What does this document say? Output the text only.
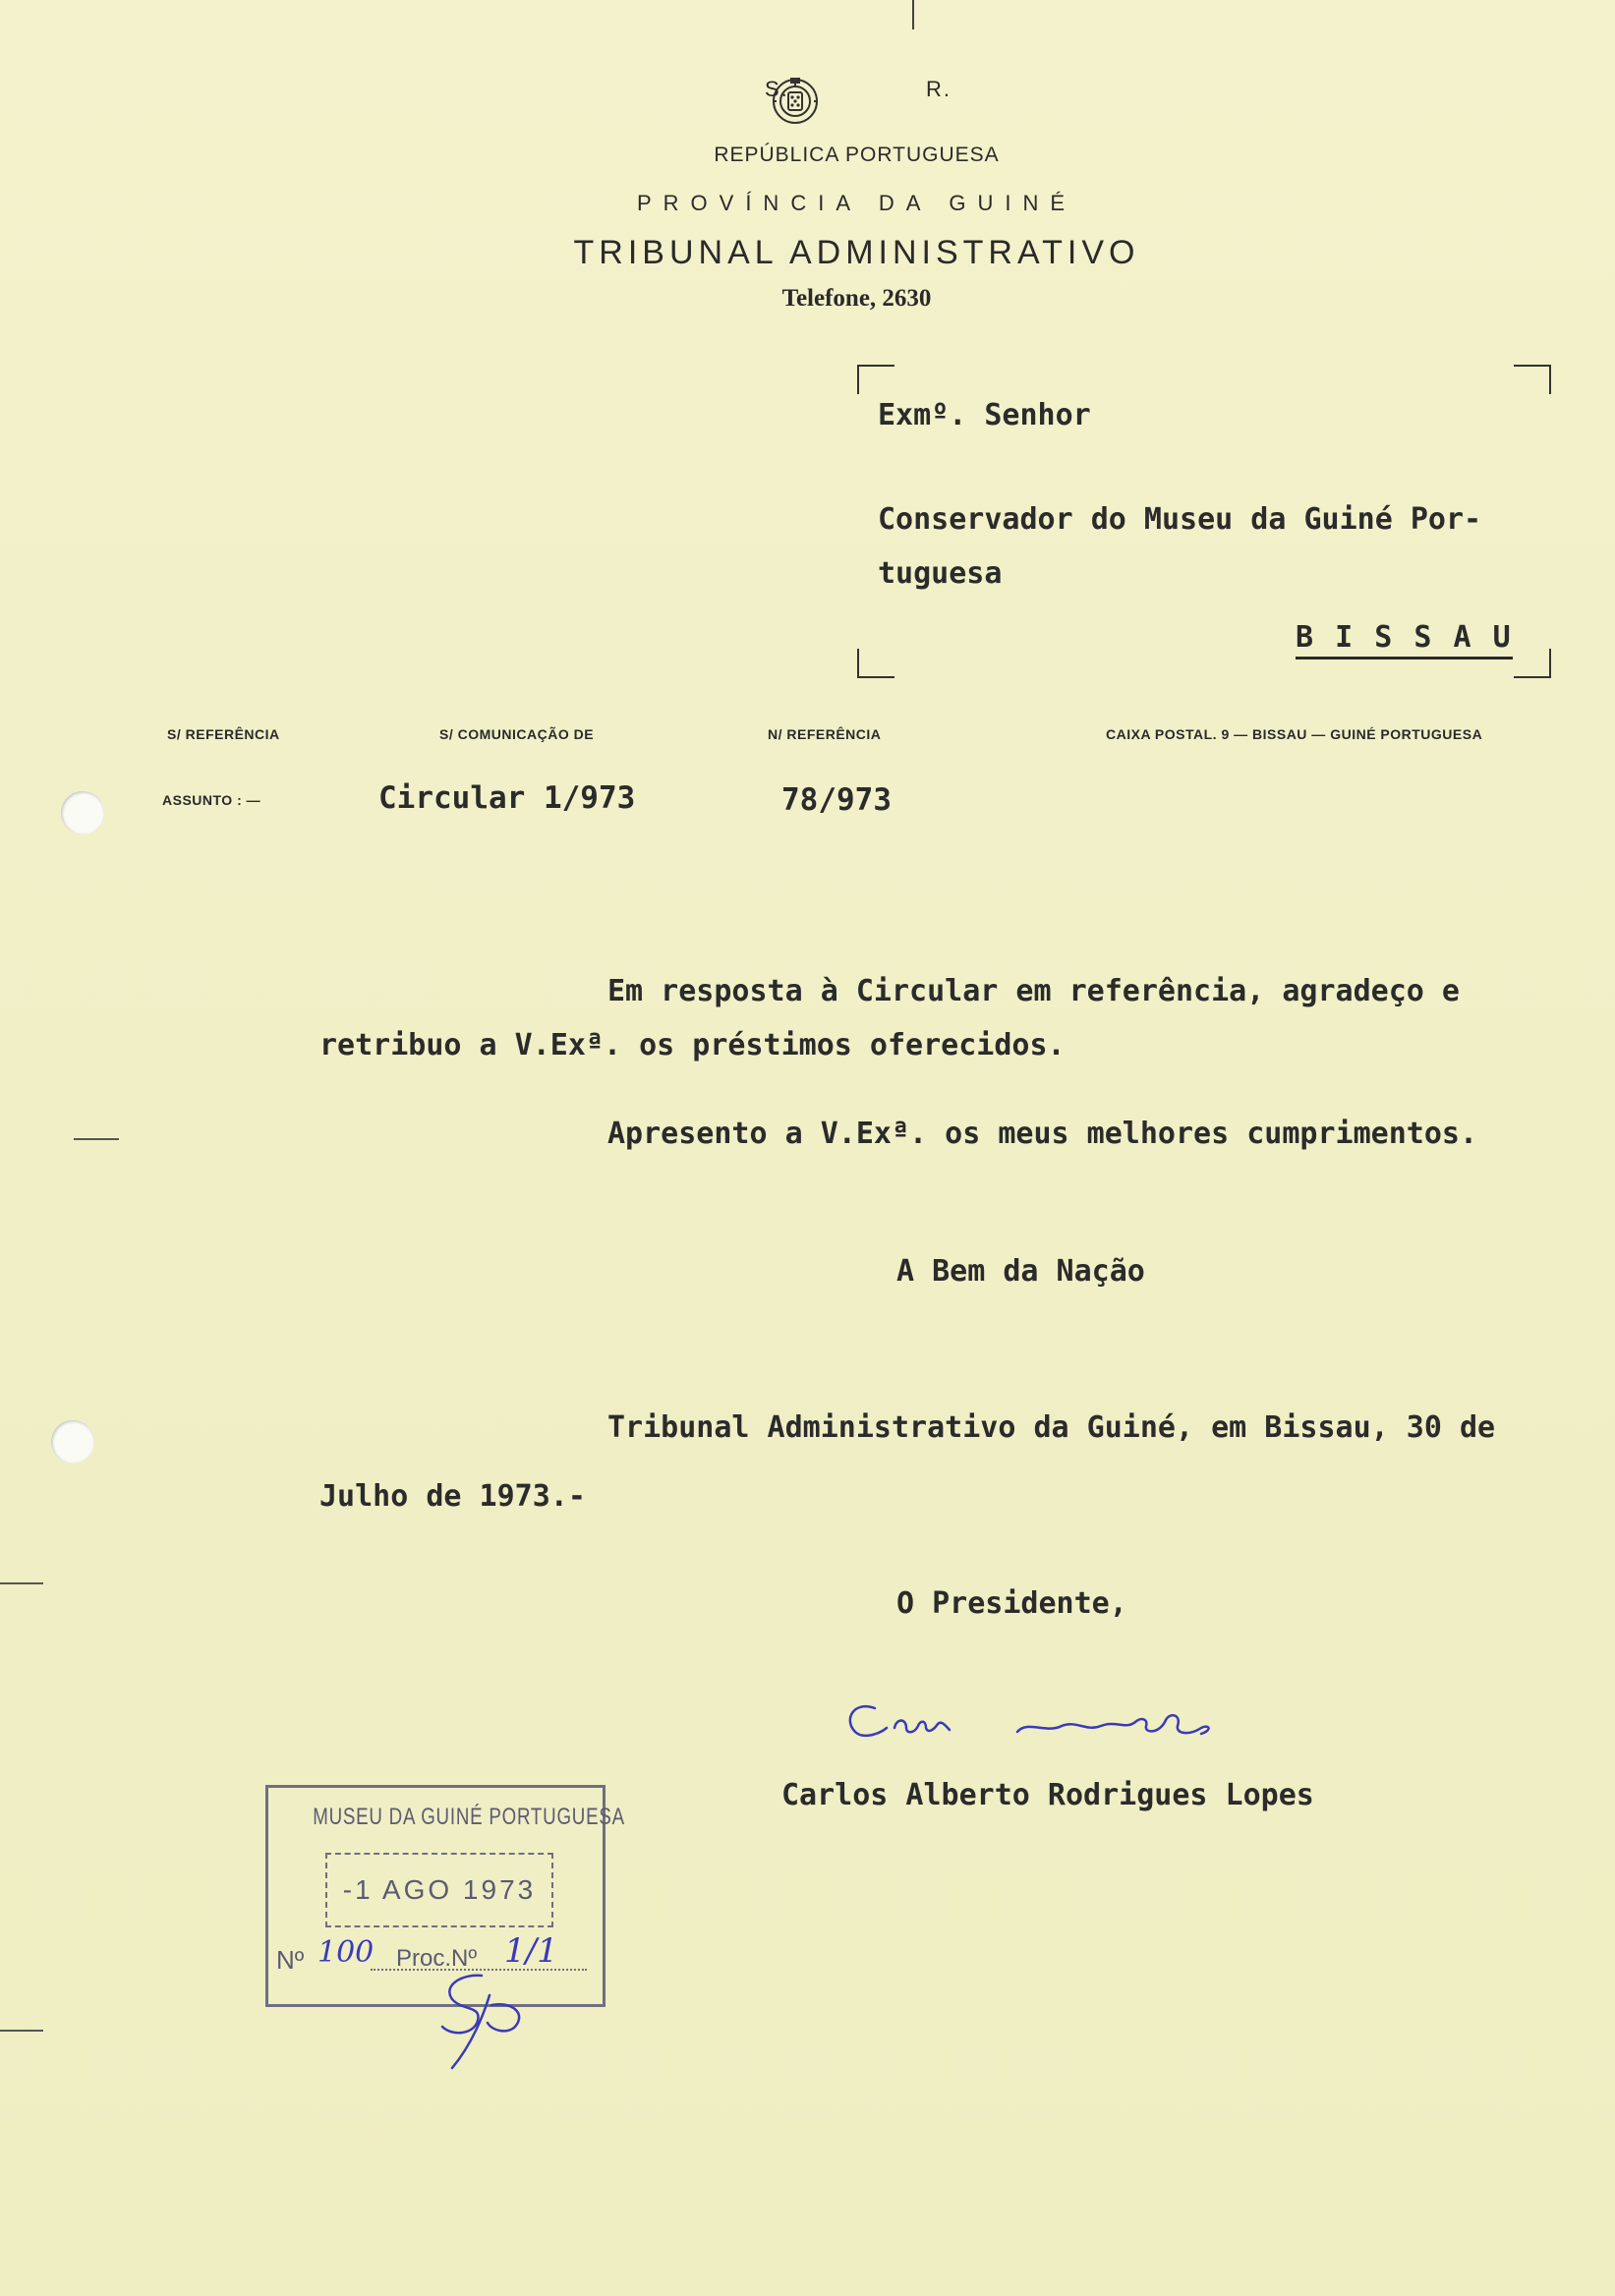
S.	R.
REPÚBLICA PORTUGUESA
PROVÍNCIA DA GUINÉ
TRIBUNAL ADMINISTRATIVO
Telefone, 2630
Exmº. Senhor
Conservador do Museu da Guiné Por-
tuguesa
B I S S A U
S/ REFERÊNCIA	S/ COMUNICAÇÃO DE	N/ REFERÊNCIA	CAIXA POSTAL. 9 — BISSAU — GUINÉ PORTUGUESA
ASSUNTO : —	Circular 1/973	78/973
Em resposta à Circular em referência, agradeço e
retribuo a V.Exª. os préstimos oferecidos.
Apresento a V.Exª. os meus melhores cumprimentos.
A Bem da Nação
Tribunal Administrativo da Guiné, em Bissau, 30 de
Julho de 1973.-
O Presidente,
Carlos Alberto Rodrigues Lopes
MUSEU DA GUINÉ PORTUGUESA
-1 AGO 1973
Nº 100 Proc.Nº 1/1
